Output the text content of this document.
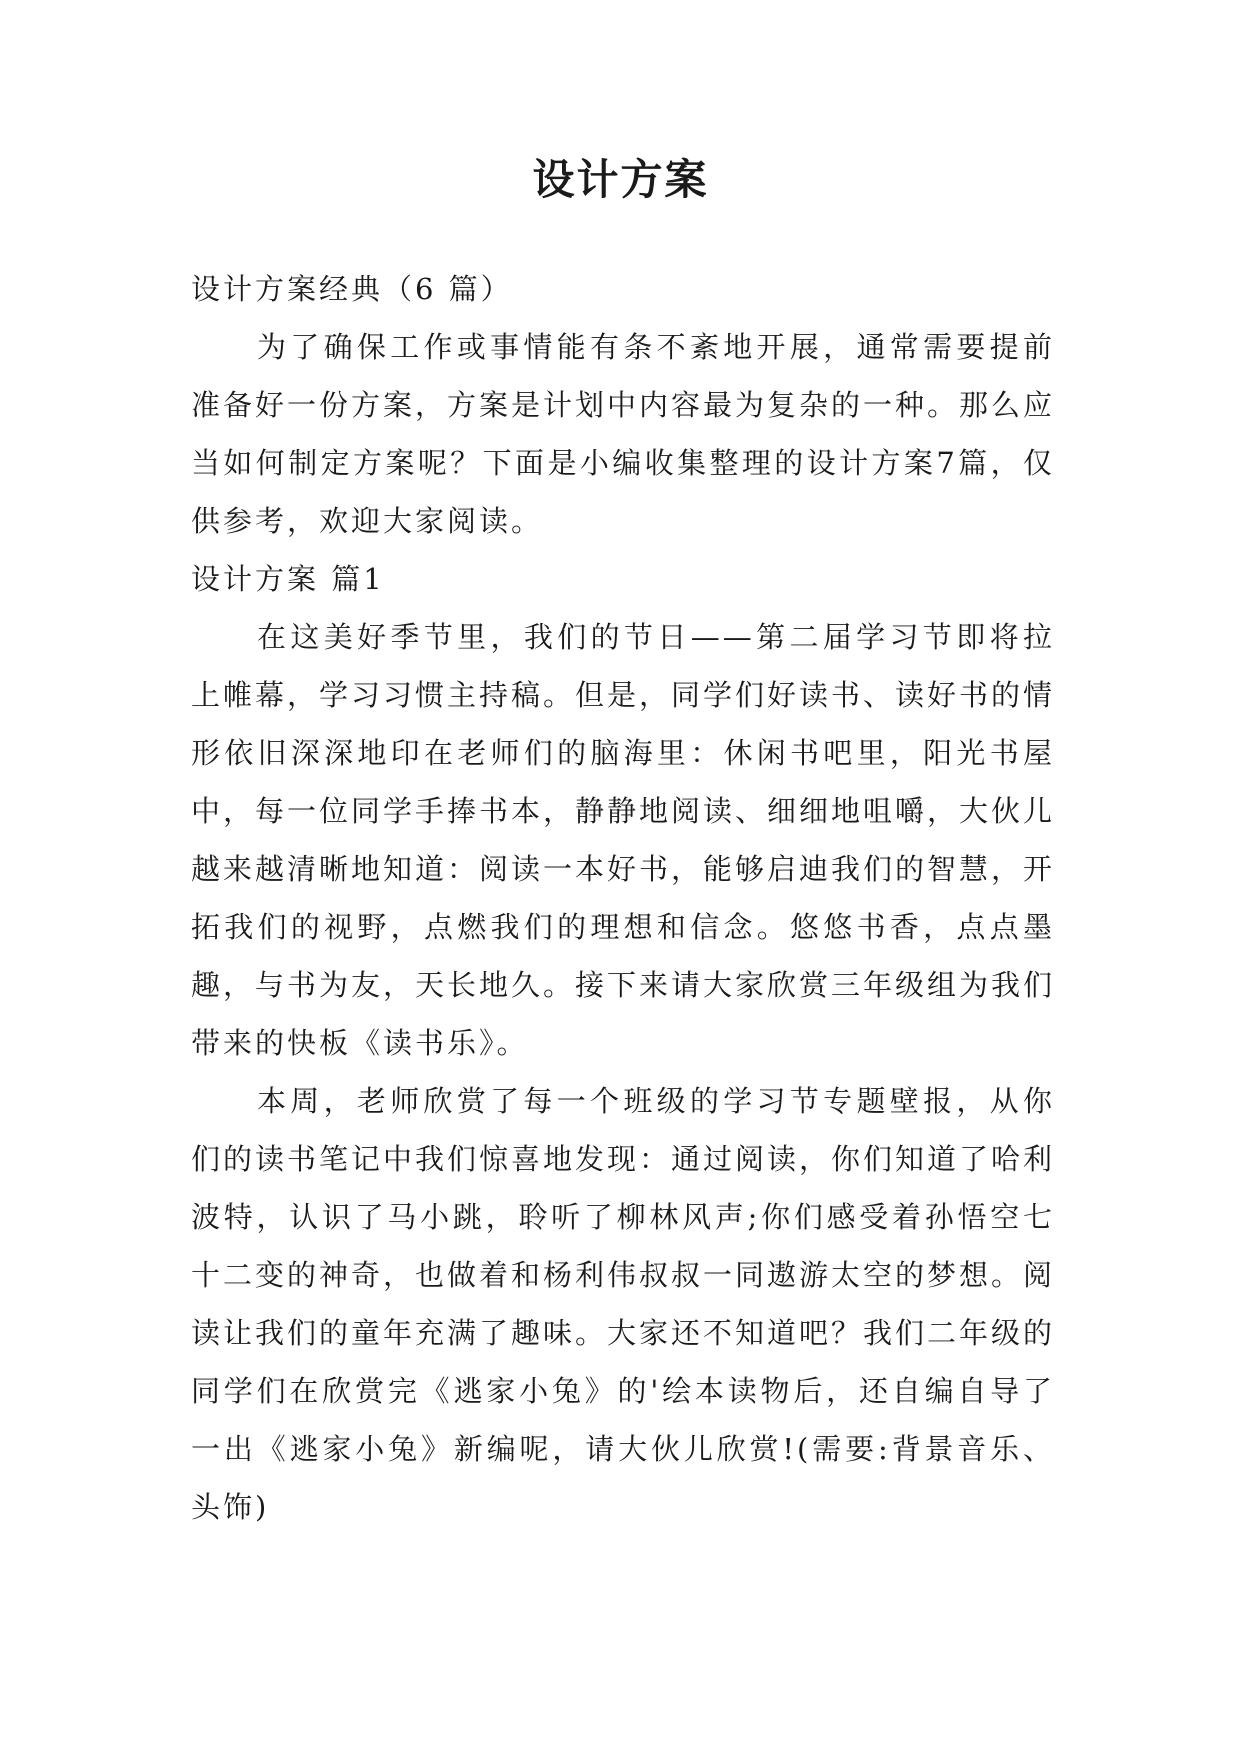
设计方案

设计方案经典（6 篇）

为了确保工作或事情能有条不紊地开展，通常需要提前准备好一份方案，方案是计划中内容最为复杂的一种。那么应当如何制定方案呢？下面是小编收集整理的设计方案7篇，仅供参考，欢迎大家阅读。

设计方案 篇1

在这美好季节里，我们的节日——第二届学习节即将拉上帷幕，学习习惯主持稿。但是，同学们好读书、读好书的情形依旧深深地印在老师们的脑海里：休闲书吧里，阳光书屋中，每一位同学手捧书本，静静地阅读、细细地咀嚼，大伙儿越来越清晰地知道：阅读一本好书，能够启迪我们的智慧，开拓我们的视野，点燃我们的理想和信念。悠悠书香，点点墨趣，与书为友，天长地久。接下来请大家欣赏三年级组为我们带来的快板《读书乐》。

本周，老师欣赏了每一个班级的学习节专题壁报，从你们的读书笔记中我们惊喜地发现：通过阅读，你们知道了哈利波特，认识了马小跳，聆听了柳林风声;你们感受着孙悟空七十二变的神奇，也做着和杨利伟叔叔一同遨游太空的梦想。阅读让我们的童年充满了趣味。大家还不知道吧？我们二年级的同学们在欣赏完《逃家小兔》的'绘本读物后，还自编自导了一出《逃家小兔》新编呢，请大伙儿欣赏!(需要:背景音乐、头饰)
